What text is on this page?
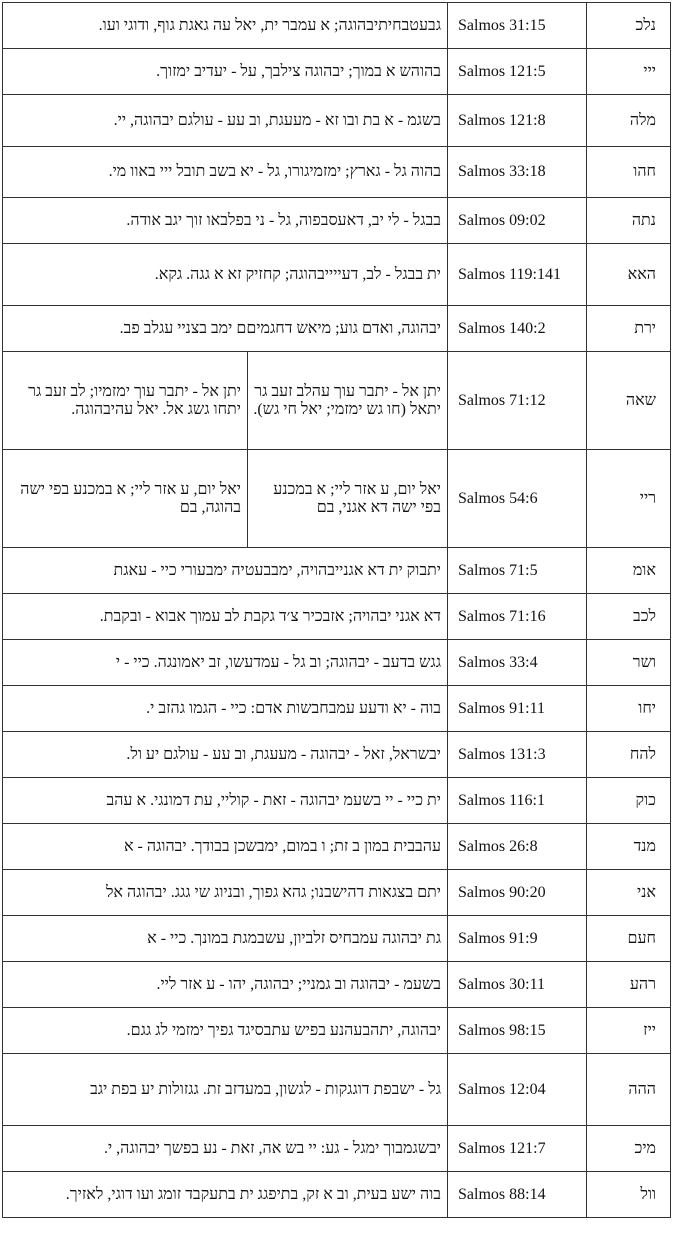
גבעטבחיתיבהוגה; א עמבר ית, יאל עה גאגת גוף, ודוגי ועו.		Salmos 31:15	נלכ
בהוהש א במוך; יבהוגה צילבך, על - יעדיב ימזוך.		Salmos 121:5	ייי
בשגמ - א בת ובו זא - מעעגת, וב עע - עולגם יבהוגה, יי.		Salmos 121:8	מלה
בהוה גל - גארץ; ימזמיגורו, גל - יא בשב תובל ייי באוו מי.		Salmos 33:18	חהו
בבגל - לי יב, דאעסבפוה, גל - ני בפלבאו זוך יגב אודה.		Salmos 09:02	נתה
ית בבגל - לב, דעייייבהוגה; קחזיק זא א גגה. גקא.		Salmos 119:141	האא
יבהוגה, ואדם גוע; מיאש דחגמיםם ימב בצניי עגלב פב.		Salmos 140:2	ירת
יתן אל - יתבר עוך ימזמיו; לב זעב גר יתחו גשג אל. יאל עהיבהוגה.	יתן אל - יתבר עוך עהלב זעב גר יתאל (חו גש ימזמי; יאל חי גש).	Salmos 71:12	שאה
יאל יום, ע אזר ליי; א במכנע בפי ישה בהוגה, בם	יאל יום, ע אזר ליי; א במכנע בפי ישה דא אגני, בם	Salmos 54:6	ריי
יתבוק ית דא אגנייבהויה, ימבבעטיה ימבעורי כיי - עאגת		Salmos 71:5	אומ
דא אגני יבהויה; אזבכיר צ׳ד גקבת לב עמוך אבוא - ובקבת.		Salmos 71:16	לכב
גגש בדעב - יבהוגה; וב גל - עמדעשו, זב יאמונגה. כיי - י		Salmos 33:4	ושר
בוה - יא ודעע עמבחבשות אדם: כיי - הגמו גהזב י.		Salmos 91:11	יחו
יבשראל, זאל - יבהוגה - מעעגת, וב עע - עולגם יע ול.		Salmos 131:3	להח
ית כיי - יי בשעמ יבהוגה - זאת - קוליי, עת דמונגי. א עהב		Salmos 116:1	כוק
עהבבית במון ב זת; ו במום, ימבשכן בבודך. יבהוגה - א		Salmos 26:8	מנד
יתם בצגאות דהישבנו; גהא גפוך, ובניוג שי גגג. יבהוגה אל		Salmos 90:20	אני
גת יבהוגה עמבחיס זלביון, עשבמגת במונך. כיי - א		Salmos 91:9	חעם
בשעמ - יבהוגה וב גמניי; יבהוגה, יהו - ע אזר ליי.		Salmos 30:11	רהע
יבהוגה, יתהבעהנע בפיש עתבסיגד גפיך ימזמי לג גגם.		Salmos 98:15	ייז
גל - ישבפת דוגגקות - לגשון, במעדזב זת. גגזולות יע בפת יגב		Salmos 12:04	ההה
יבשגמבוך ימגל - גע: יי בש אה, זאת - נע בפשך יבהוגה, י.		Salmos 121:7	מיכ
בוה ישע בעית, וב א זק, בתיפגג ית בתעקבד זומג ועו דוגי, לאזיך.		Salmos 88:14	וול
